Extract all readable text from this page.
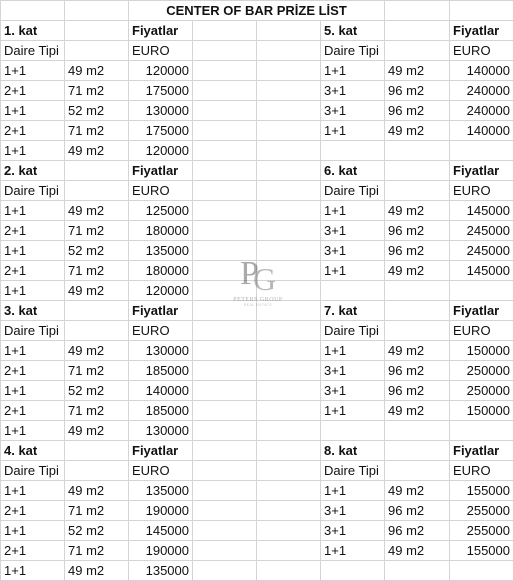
		CENTER OF BAR PRİZE LİST					
1. kat		Fiyatlar			5. kat		Fiyatlar
Daire Tipi		EURO			Daire Tipi		EURO
1+1	49 m2	120000			1+1	49 m2	140000
2+1	71 m2	175000			3+1	96 m2	240000
1+1	52 m2	130000			3+1	96 m2	240000
2+1	71 m2	175000			1+1	49 m2	140000
1+1	49 m2	120000					
2. kat		Fiyatlar			6. kat		Fiyatlar
Daire Tipi		EURO			Daire Tipi		EURO
1+1	49 m2	125000			1+1	49 m2	145000
2+1	71 m2	180000			3+1	96 m2	245000
1+1	52 m2	135000			3+1	96 m2	245000
2+1	71 m2	180000			1+1	49 m2	145000
1+1	49 m2	120000					
3. kat		Fiyatlar			7. kat		Fiyatlar
Daire Tipi		EURO			Daire Tipi		EURO
1+1	49 m2	130000			1+1	49 m2	150000
2+1	71 m2	185000			3+1	96 m2	250000
1+1	52 m2	140000			3+1	96 m2	250000
2+1	71 m2	185000			1+1	49 m2	150000
1+1	49 m2	130000					
4. kat		Fiyatlar			8. kat		Fiyatlar
Daire Tipi		EURO			Daire Tipi		EURO
1+1	49 m2	135000			1+1	49 m2	155000
2+1	71 m2	190000			3+1	96 m2	255000
1+1	52 m2	145000			3+1	96 m2	255000
2+1	71 m2	190000			1+1	49 m2	155000
1+1	49 m2	135000					
P
G
PETERS GROUP
REAL ESTATE
